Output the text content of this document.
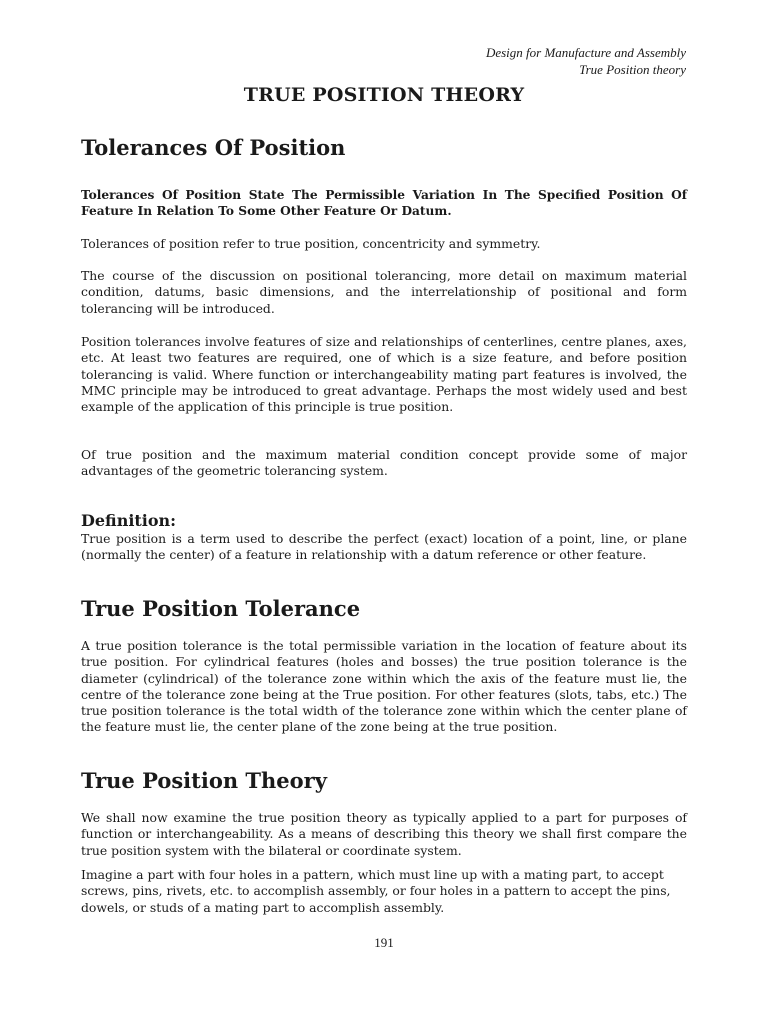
Design for Manufacture and Assembly
True Position theory
TRUE POSITION THEORY
Tolerances Of Position

Tolerances Of Position State The Permissible Variation In The Specified Position Of Feature In Relation To Some Other Feature Or Datum.

Tolerances of position refer to true position, concentricity and symmetry.

The course of the discussion on positional tolerancing, more detail on maximum material condition, datums, basic dimensions, and the interrelationship of positional and form tolerancing will be introduced.

Position tolerances involve features of size and relationships of centerlines, centre planes, axes, etc. At least two features are required, one of which is a size feature, and before position tolerancing is valid. Where function or interchangeability mating part features is involved, the MMC principle may be introduced to great advantage. Perhaps the most widely used and best example of the application of this principle is true position.

Of true position and the maximum material condition concept provide some of major advantages of the geometric tolerancing system.

Definition:

True position is a term used to describe the perfect (exact) location of a point, line, or plane (normally the center) of a feature in relationship with a datum reference or other feature.

True Position Tolerance

A true position tolerance is the total permissible variation in the location of feature about its true position. For cylindrical features (holes and bosses) the true position tolerance is the diameter (cylindrical) of the tolerance zone within which the axis of the feature must lie, the centre of the tolerance zone being at the True position. For other features (slots, tabs, etc.) The true position tolerance is the total width of the tolerance zone within which the center plane of the feature must lie, the center plane of the zone being at the true position.

True Position Theory

We shall now examine the true position theory as typically applied to a part for purposes of function or interchangeability. As a means of describing this theory we shall first compare the true position system with the bilateral or coordinate system.

Imagine a part with four holes in a pattern, which must line up with a mating part, to accept screws, pins, rivets, etc. to accomplish assembly, or four holes in a pattern to accept the pins, dowels, or studs of a mating part to accomplish assembly.

191
